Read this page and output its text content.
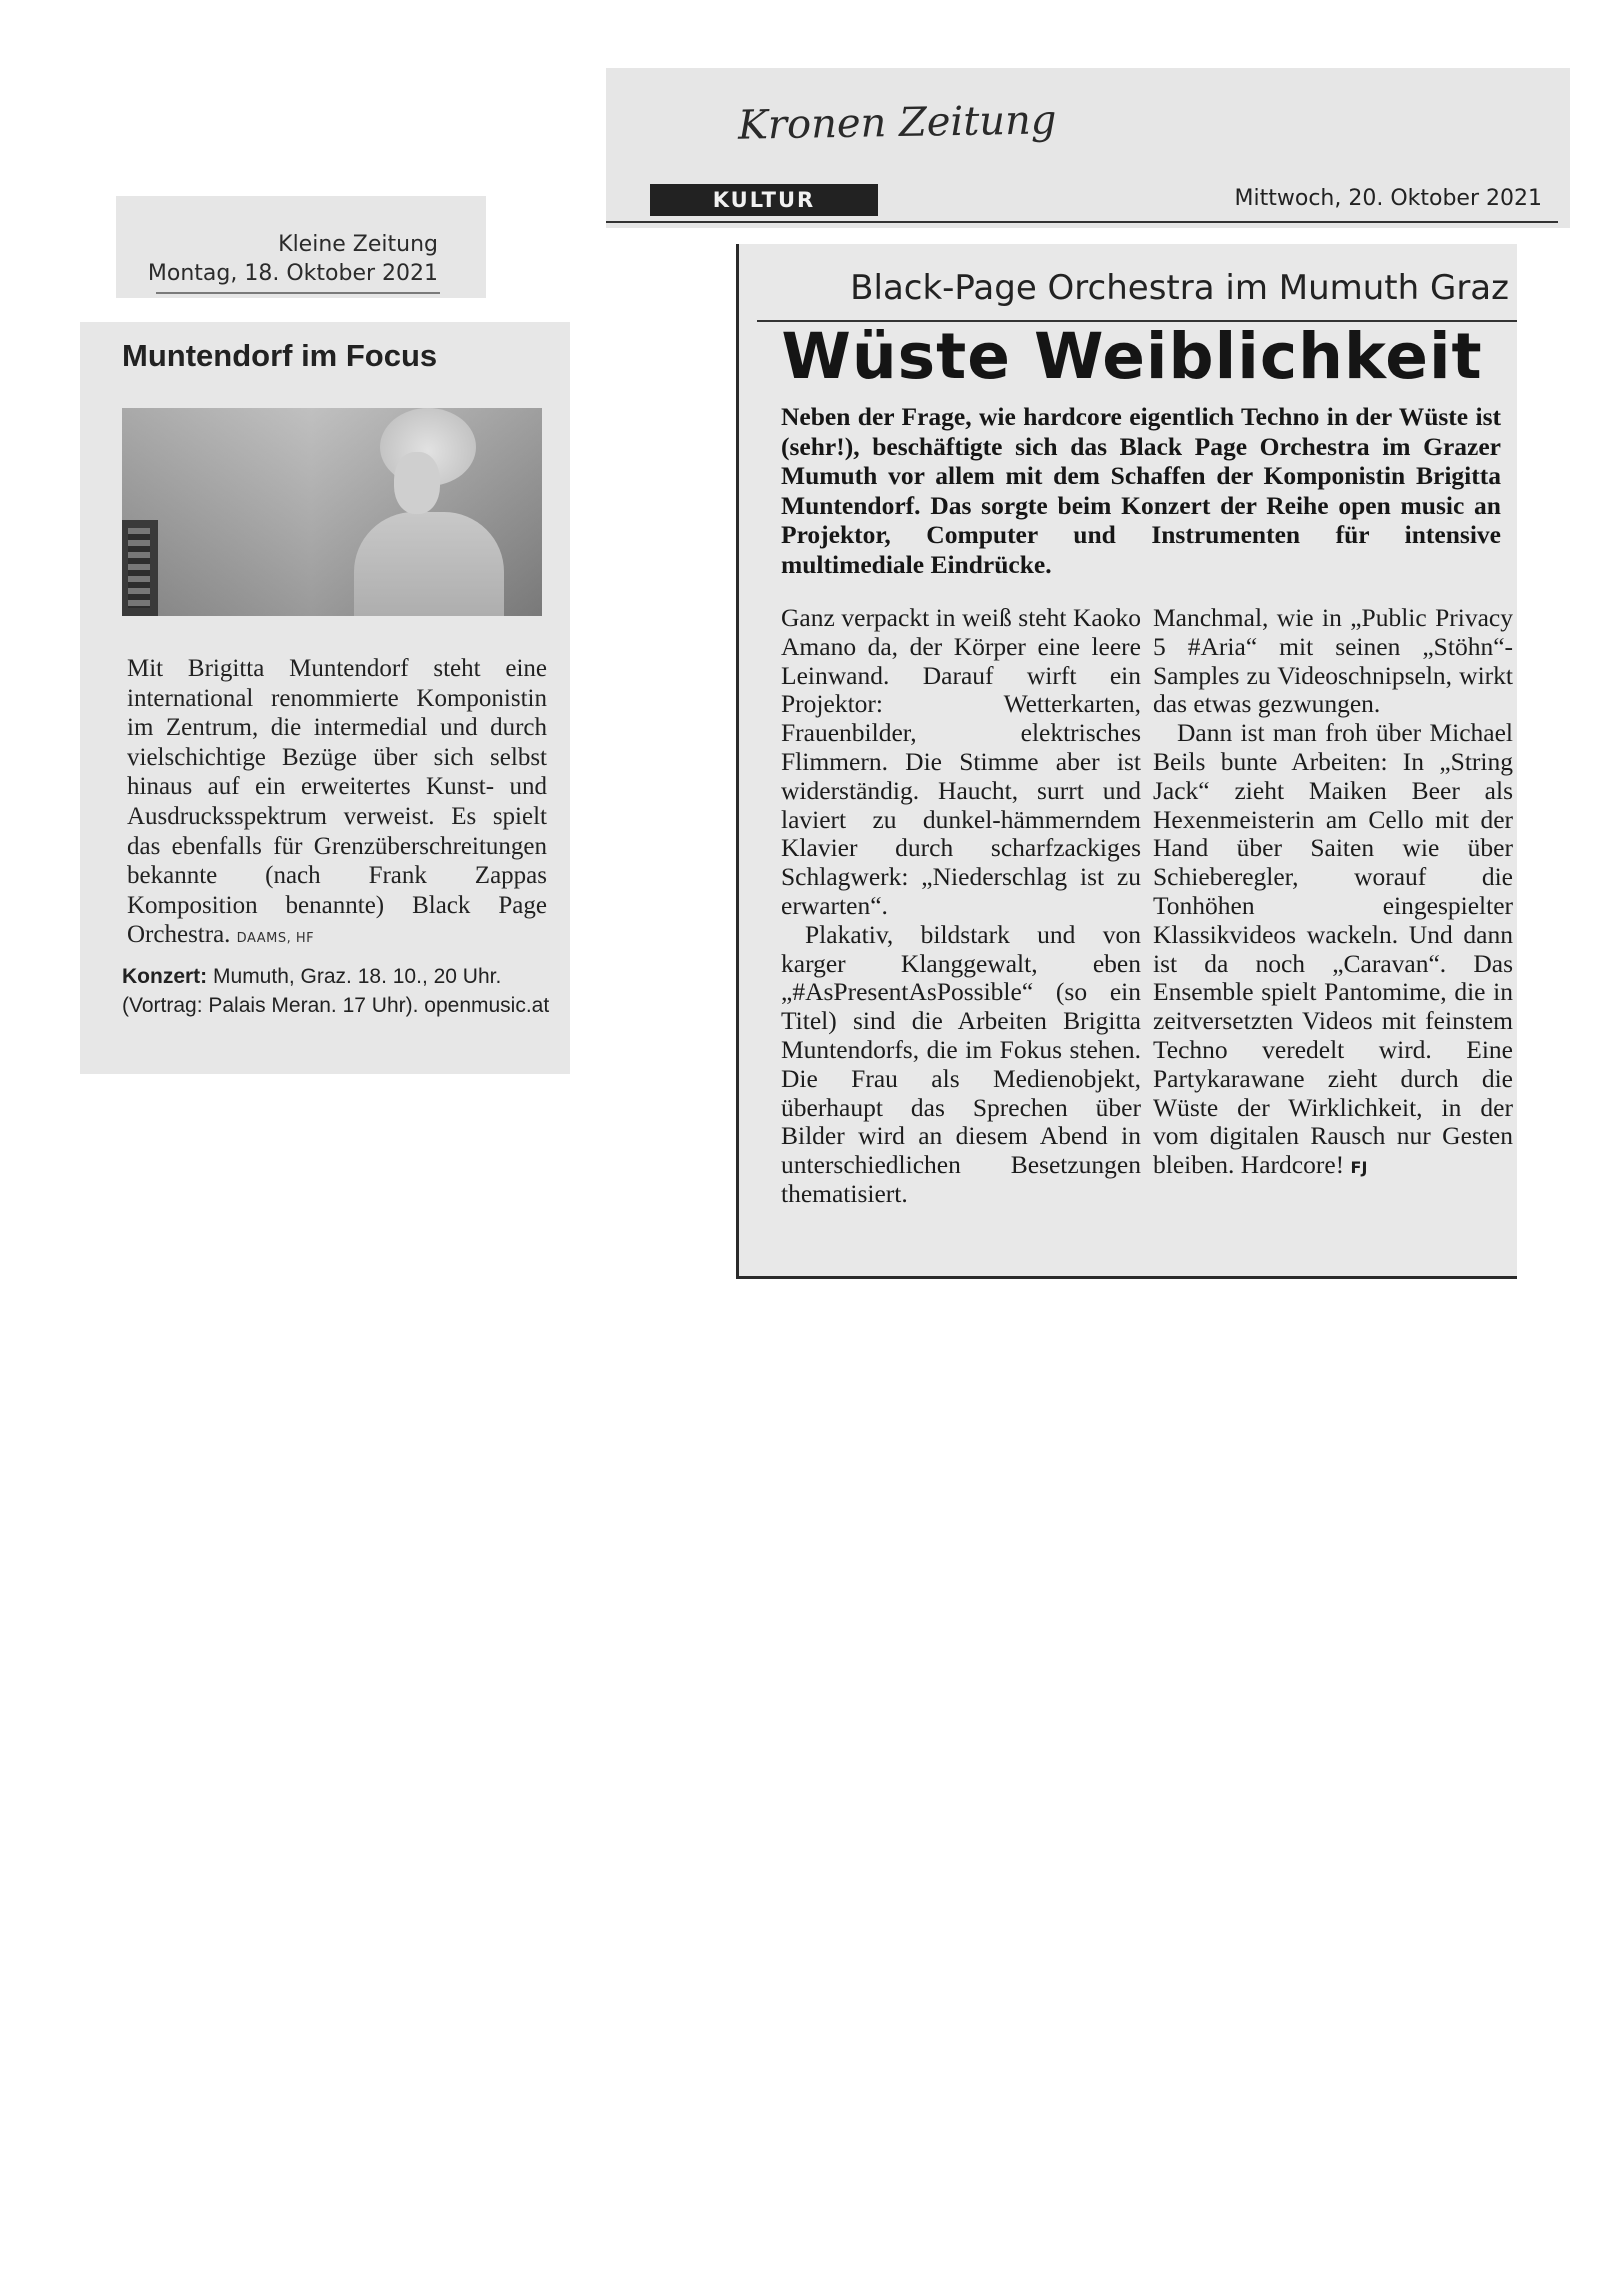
Kleine Zeitung
Montag, 18. Oktober 2021
Muntendorf im Focus
Mit Brigitta Muntendorf steht eine international renommierte Komponistin im Zentrum, die intermedial und durch vielschichtige Bezüge über sich selbst hinaus auf ein erweitertes Kunst- und Ausdrucksspektrum verweist. Es spielt das ebenfalls für Grenzüberschreitungen bekannte (nach Frank Zappas Komposition benannte) Black Page Orchestra. DAAMS, HF
Konzert: Mumuth, Graz. 18. 10., 20 Uhr. (Vortrag: Palais Meran. 17 Uhr). openmusic.at
Kronen Zeitung
KULTUR	Mittwoch, 20. Oktober 2021
Black-Page Orchestra im Mumuth Graz
Wüste Weiblichkeit
Neben der Frage, wie hardcore eigentlich Techno in der Wüste ist (sehr!), beschäftigte sich das Black Page Orchestra im Grazer Mumuth vor allem mit dem Schaffen der Komponistin Brigitta Muntendorf. Das sorgte beim Konzert der Reihe open music an Projektor, Computer und Instrumenten für intensive multimediale Eindrücke.

Ganz verpackt in weiß steht Kaoko Amano da, der Körper eine leere Leinwand. Darauf wirft ein Projektor: Wetterkarten, Frauenbilder, elektrisches Flimmern. Die Stimme aber ist widerständig. Haucht, surrt und laviert zu dunkel-hämmerndem Klavier durch scharfzackiges Schlagwerk: „Niederschlag ist zu erwarten“.

Plakativ, bildstark und von karger Klanggewalt, eben „#AsPresentAsPossible“ (so ein Titel) sind die Arbeiten Brigitta Muntendorfs, die im Fokus stehen. Die Frau als Medienobjekt, überhaupt das Sprechen über Bilder wird an diesem Abend in unterschiedlichen Besetzungen thematisiert.

Manchmal, wie in „Public Privacy 5 #Aria“ mit seinen „Stöhn“-Samples zu Videoschnipseln, wirkt das etwas gezwungen.

Dann ist man froh über Michael Beils bunte Arbeiten: In „String Jack“ zieht Maiken Beer als Hexenmeisterin am Cello mit der Hand über Saiten wie über Schieberegler, worauf die Tonhöhen eingespielter Klassikvideos wackeln. Und dann ist da noch „Caravan“. Das Ensemble spielt Pantomime, die in zeitversetzten Videos mit feinstem Techno veredelt wird. Eine Partykarawane zieht durch die Wüste der Wirklichkeit, in der vom digitalen Rausch nur Gesten bleiben. Hardcore! FJ
